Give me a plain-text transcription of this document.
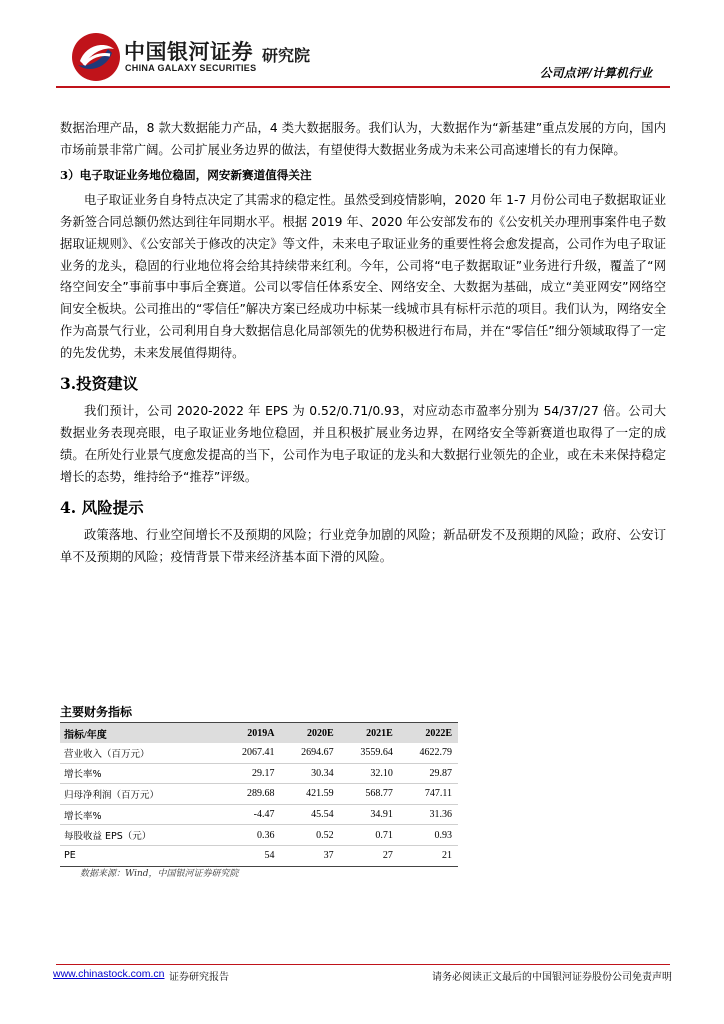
中国银河证券
CHINA GALAXY SECURITIES
研究院
公司点评/计算机行业

数据治理产品，8 款大数据能力产品，4 类大数据服务。我们认为，大数据作为“新基建”重点发展的方向，国内市场前景非常广阔。公司扩展业务边界的做法，有望使得大数据业务成为未来公司高速增长的有力保障。

3）电子取证业务地位稳固，网安新赛道值得关注

电子取证业务自身特点决定了其需求的稳定性。虽然受到疫情影响，2020 年 1-7 月份公司电子数据取证业务新签合同总额仍然达到往年同期水平。根据 2019 年、2020 年公安部发布的《公安机关办理刑事案件电子数据取证规则》、《公安部关于修改的决定》等文件，未来电子取证业务的重要性将会愈发提高，公司作为电子取证业务的龙头，稳固的行业地位将会给其持续带来红利。今年，公司将“电子数据取证”业务进行升级，覆盖了“网络空间安全”事前事中事后全赛道。公司以零信任体系安全、网络安全、大数据为基础，成立“美亚网安”网络空间安全板块。公司推出的“零信任”解决方案已经成功中标某一线城市具有标杆示范的项目。我们认为，网络安全作为高景气行业，公司利用自身大数据信息化局部领先的优势积极进行布局，并在“零信任”细分领域取得了一定的先发优势，未来发展值得期待。

3.投资建议

我们预计，公司 2020-2022 年 EPS 为 0.52/0.71/0.93，对应动态市盈率分别为 54/37/27 倍。公司大数据业务表现亮眼，电子取证业务地位稳固，并且积极扩展业务边界，在网络安全等新赛道也取得了一定的成绩。在所处行业景气度愈发提高的当下，公司作为电子取证的龙头和大数据行业领先的企业，或在未来保持稳定增长的态势，维持给予“推荐”评级。

4. 风险提示

政策落地、行业空间增长不及预期的风险；行业竞争加剧的风险；新品研发不及预期的风险；政府、公安订单不及预期的风险；疫情背景下带来经济基本面下滑的风险。

主要财务指标
指标/年度	2019A	2020E	2021E	2022E
营业收入（百万元）	2067.41	2694.67	3559.64	4622.79
增长率%	29.17	30.34	32.10	29.87
归母净利润（百万元）	289.68	421.59	568.77	747.11
增长率%	-4.47	45.54	34.91	31.36
每股收益 EPS（元）	0.36	0.52	0.71	0.93
PE	54	37	27	21
数据来源：Wind，中国银河证券研究院
www.chinastock.com.cn 证券研究报告	请务必阅读正文最后的中国银河证券股份公司免责声明
